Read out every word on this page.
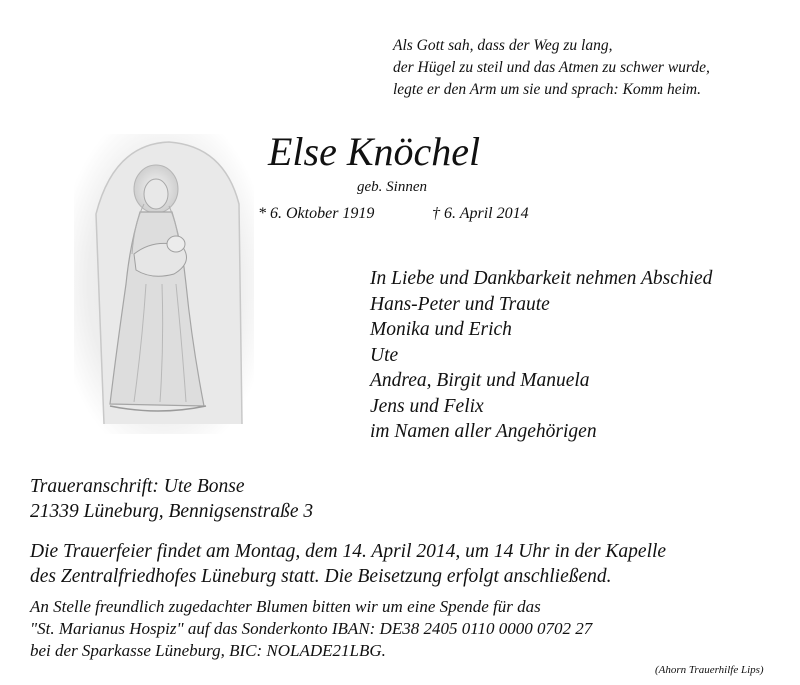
Als Gott sah, dass der Weg zu lang,
der Hügel zu steil und das Atmen zu schwer wurde,
legte er den Arm um sie und sprach: Komm heim.
Else Knöchel
geb. Sinnen
* 6. Oktober 1919	† 6. April 2014
In Liebe und Dankbarkeit nehmen Abschied
Hans-Peter und Traute
Monika und Erich
Ute
Andrea, Birgit und Manuela
Jens und Felix
im Namen aller Angehörigen
Traueranschrift: Ute Bonse
21339 Lüneburg, Bennigsenstraße 3
Die Trauerfeier findet am Montag, dem 14. April 2014, um 14 Uhr in der Kapelle
des Zentralfriedhofes Lüneburg statt. Die Beisetzung erfolgt anschließend.
An Stelle freundlich zugedachter Blumen bitten wir um eine Spende für das
"St. Marianus Hospiz" auf das Sonderkonto IBAN: DE38 2405 0110 0000 0702 27
bei der Sparkasse Lüneburg, BIC: NOLADE21LBG.
(Ahorn Trauerhilfe Lips)
